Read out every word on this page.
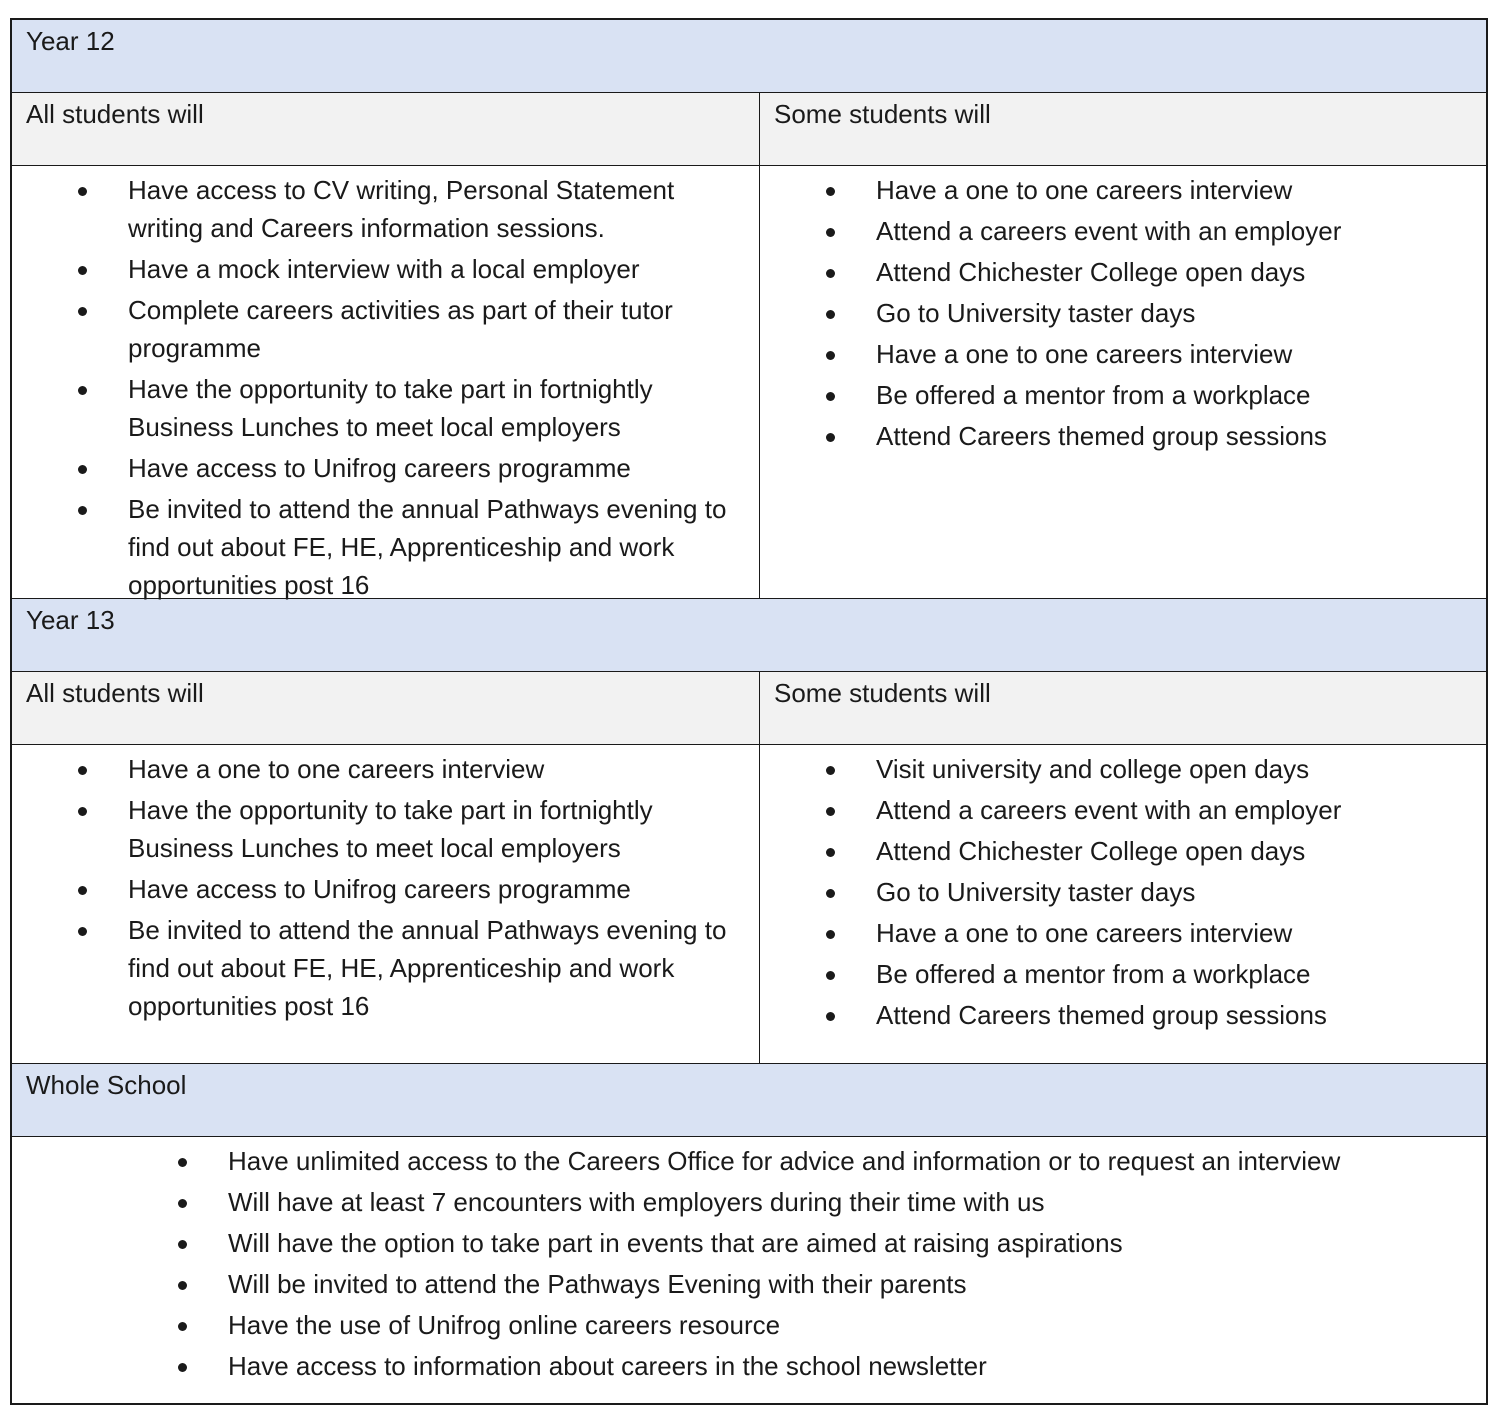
Year 12
All students will	Some students will
Have access to CV writing, Personal Statement writing and Careers information sessions.
Have a mock interview with a local employer
Complete careers activities as part of their tutor programme
Have the opportunity to take part in fortnightly Business Lunches to meet local employers
Have access to Unifrog careers programme
Be invited to attend the annual Pathways evening to find out about FE, HE, Apprenticeship and work opportunities post 16
Have a one to one careers interview
Attend a careers event with an employer
Attend Chichester College open days
Go to University taster days
Have a one to one careers interview
Be offered a mentor from a workplace
Attend Careers themed group sessions
Year 13
All students will	Some students will
Have a one to one careers interview
Have the opportunity to take part in fortnightly Business Lunches to meet local employers
Have access to Unifrog careers programme
Be invited to attend the annual Pathways evening to find out about FE, HE, Apprenticeship and work opportunities post 16
Visit university and college open days
Attend a careers event with an employer
Attend Chichester College open days
Go to University taster days
Have a one to one careers interview
Be offered a mentor from a workplace
Attend Careers themed group sessions
Whole School
Have unlimited access to the Careers Office for advice and information or to request an interview
Will have at least 7 encounters with employers during their time with us
Will have the option to take part in events that are aimed at raising aspirations
Will be invited to attend the Pathways Evening with their parents
Have the use of Unifrog online careers resource
Have access to information about careers in the school newsletter
